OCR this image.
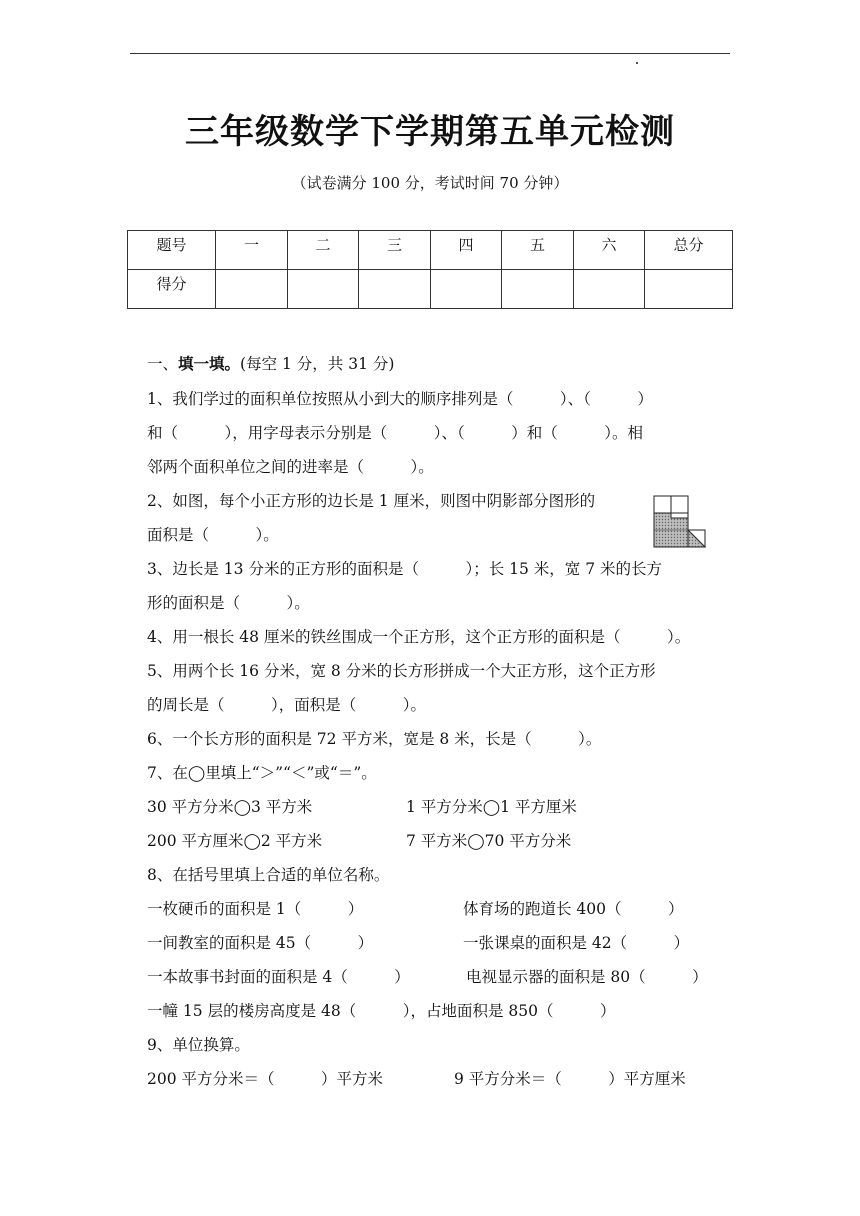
三年级数学下学期第五单元检测
（试卷满分 100 分，考试时间 70 分钟）
题号	一	二	三	四	五	六	总分
得分							
一、填一填。(每空 1 分，共 31 分)
1、我们学过的面积单位按照从小到大的顺序排列是（　　　）、（　　　）
和（　　　），用字母表示分别是（　　　）、（　　　）和（　　　）。相
邻两个面积单位之间的进率是（　　　）。
2、如图，每个小正方形的边长是 1 厘米，则图中阴影部分图形的
面积是（　　　）。
3、边长是 13 分米的正方形的面积是（　　　）；长 15 米，宽 7 米的长方
形的面积是（　　　）。
4、用一根长 48 厘米的铁丝围成一个正方形，这个正方形的面积是（　　　）。
5、用两个长 16 分米，宽 8 分米的长方形拼成一个大正方形，这个正方形
的周长是（　　　），面积是（　　　）。
6、一个长方形的面积是 72 平方米，宽是 8 米，长是（　　　）。
7、在◯里填上“＞”“＜”或“＝”。
30 平方分米◯3 平方米	1 平方分米◯1 平方厘米
200 平方厘米◯2 平方米	7 平方米◯70 平方分米
8、在括号里填上合适的单位名称。
一枚硬币的面积是 1（　　　）	体育场的跑道长 400（　　　）
一间教室的面积是 45（　　　）	一张课桌的面积是 42（　　　）
一本故事书封面的面积是 4（　　　）	电视显示器的面积是 80（　　　）
一幢 15 层的楼房高度是 48（　　　），占地面积是 850（　　　）
9、单位换算。
200 平方分米＝（　　　）平方米	9 平方分米＝（　　　）平方厘米
